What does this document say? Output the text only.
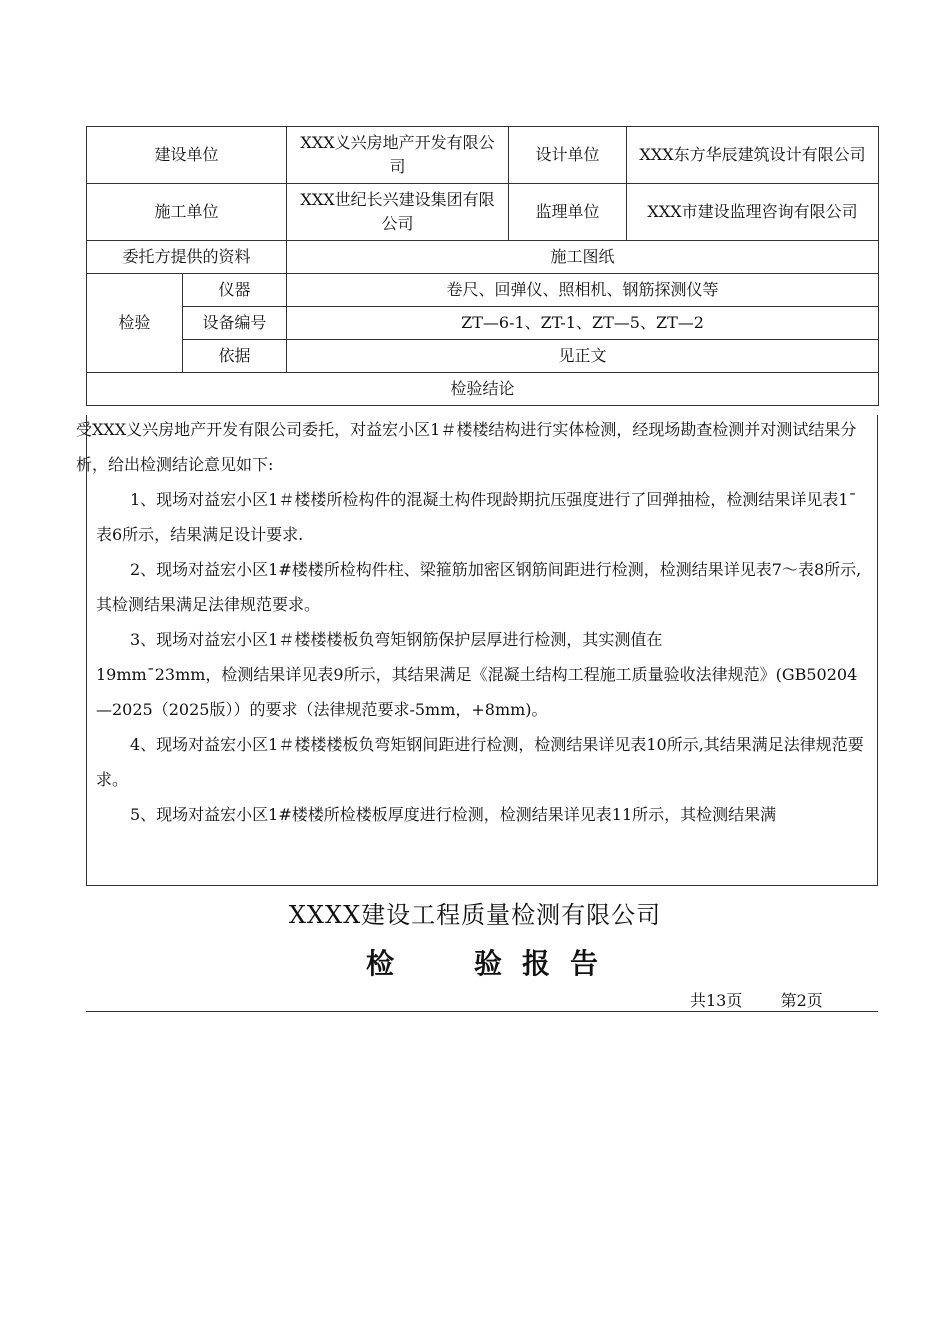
建设单位		XXX义兴房地产开发有限公司	设计单位	XXX东方华辰建筑设计有限公司
施工单位		XXX世纪长兴建设集团有限公司	监理单位	XXX市建设监理咨询有限公司
委托方提供的资料		施工图纸		
检验	仪器	卷尺、回弹仪、照相机、钢筋探测仪等		
	设备编号	ZT—6-1、ZT-1、ZT—5、ZT—2		
	依据	见正文		
检验结论				

受XXX义兴房地产开发有限公司委托，对益宏小区1＃楼楼结构进行实体检测，经现场勘查检测并对测试结果分析，给出检测结论意见如下:

1、现场对益宏小区1＃楼楼所检构件的混凝土构件现龄期抗压强度进行了回弹抽检，检测结果详见表1¯表6所示，结果满足设计要求.

2、现场对益宏小区1#楼楼所检构件柱、梁箍筋加密区钢筋间距进行检测，检测结果详见表7～表8所示,其检测结果满足法律规范要求。

3、现场对益宏小区1＃楼楼楼板负弯矩钢筋保护层厚进行检测，其实测值在

19mm¯23mm，检测结果详见表9所示，其结果满足《混凝土结构工程施工质量验收法律规范》(GB50204—2025（2025版））的要求（法律规范要求-5mm，+8mm)。

4、现场对益宏小区1＃楼楼楼板负弯矩钢间距进行检测，检测结果详见表10所示,其结果满足法律规范要求。

5、现场对益宏小区1#楼楼所检楼板厚度进行检测，检测结果详见表11所示，其检测结果满

XXXX建设工程质量检测有限公司
检	验 报 告
共13页 第2页
